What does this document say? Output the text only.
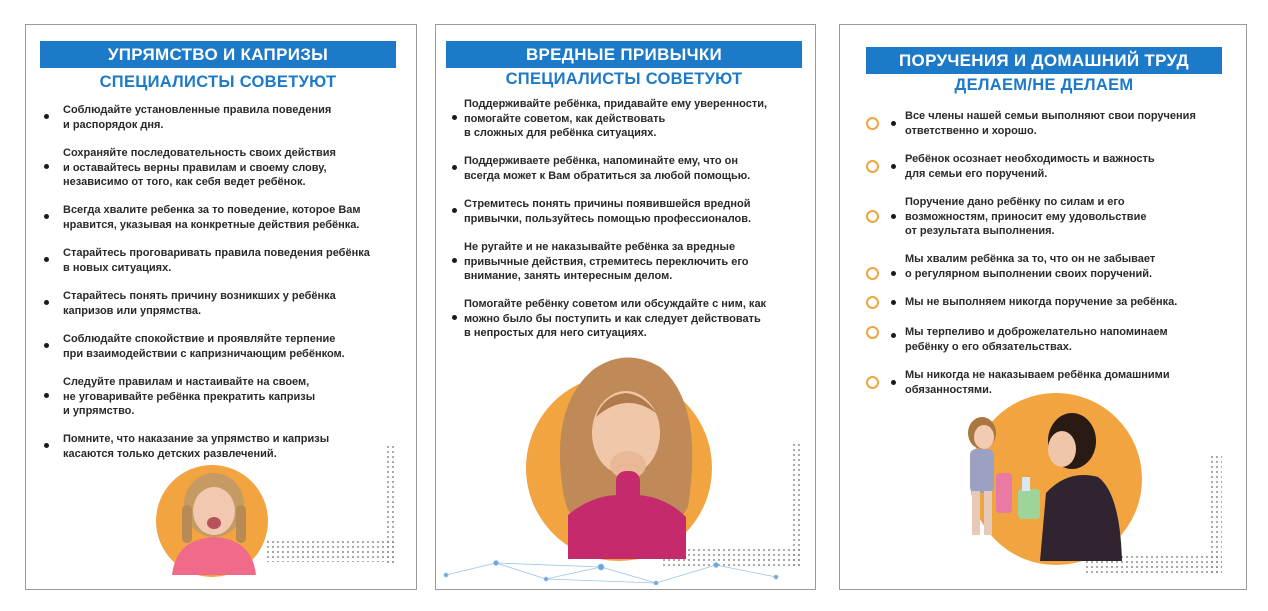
УПРЯМСТВО И КАПРИЗЫ
СПЕЦИАЛИСТЫ СОВЕТУЮТ
Соблюдайте установленные правила поведения
и распорядок дня.
Сохраняйте последовательность своих действия
и оставайтесь верны правилам и своему слову,
независимо от того, как себя ведет ребёнок.
Всегда хвалите ребенка за то поведение, которое Вам
нравится, указывая на конкретные действия ребёнка.
Старайтесь проговаривать правила поведения ребёнка
в новых ситуациях.
Старайтесь понять причину возникших у ребёнка
капризов или упрямства.
Соблюдайте спокойствие и проявляйте терпение
при взаимодействии с капризничающим ребёнком.
Следуйте правилам и настаивайте на своем,
не уговаривайте ребёнка прекратить капризы
и упрямство.
Помните, что наказание за упрямство и капризы
касаются только детских развлечений.
ВРЕДНЫЕ ПРИВЫЧКИ
СПЕЦИАЛИСТЫ СОВЕТУЮТ
Поддерживайте ребёнка, придавайте ему уверенности,
помогайте советом, как действовать
в сложных для ребёнка ситуациях.
Поддерживаете ребёнка, напоминайте ему, что он
всегда может к Вам обратиться за любой помощью.
Стремитесь понять причины появившейся вредной
привычки, пользуйтесь помощью профессионалов.
Не ругайте и не наказывайте ребёнка за вредные
привычные действия, стремитесь переключить его
внимание, занять интересным делом.
Помогайте ребёнку советом или обсуждайте с ним, как
можно было бы поступить и как следует действовать
в непростых для него ситуациях.
ПОРУЧЕНИЯ И ДОМАШНИЙ ТРУД
ДЕЛАЕМ/НЕ ДЕЛАЕМ
Все члены нашей семьи выполняют свои поручения
ответственно и хорошо.
Ребёнок осознает необходимость и важность
для семьи его поручений.
Поручение дано ребёнку по силам и его
возможностям, приносит ему удовольствие
от результата выполнения.
Мы хвалим ребёнка за то, что он не забывает
о регулярном выполнении своих поручений.
Мы не выполняем никогда поручение за ребёнка.
Мы терпеливо и доброжелательно напоминаем
ребёнку о его обязательствах.
Мы никогда не наказываем ребёнка домашними
обязанностями.
